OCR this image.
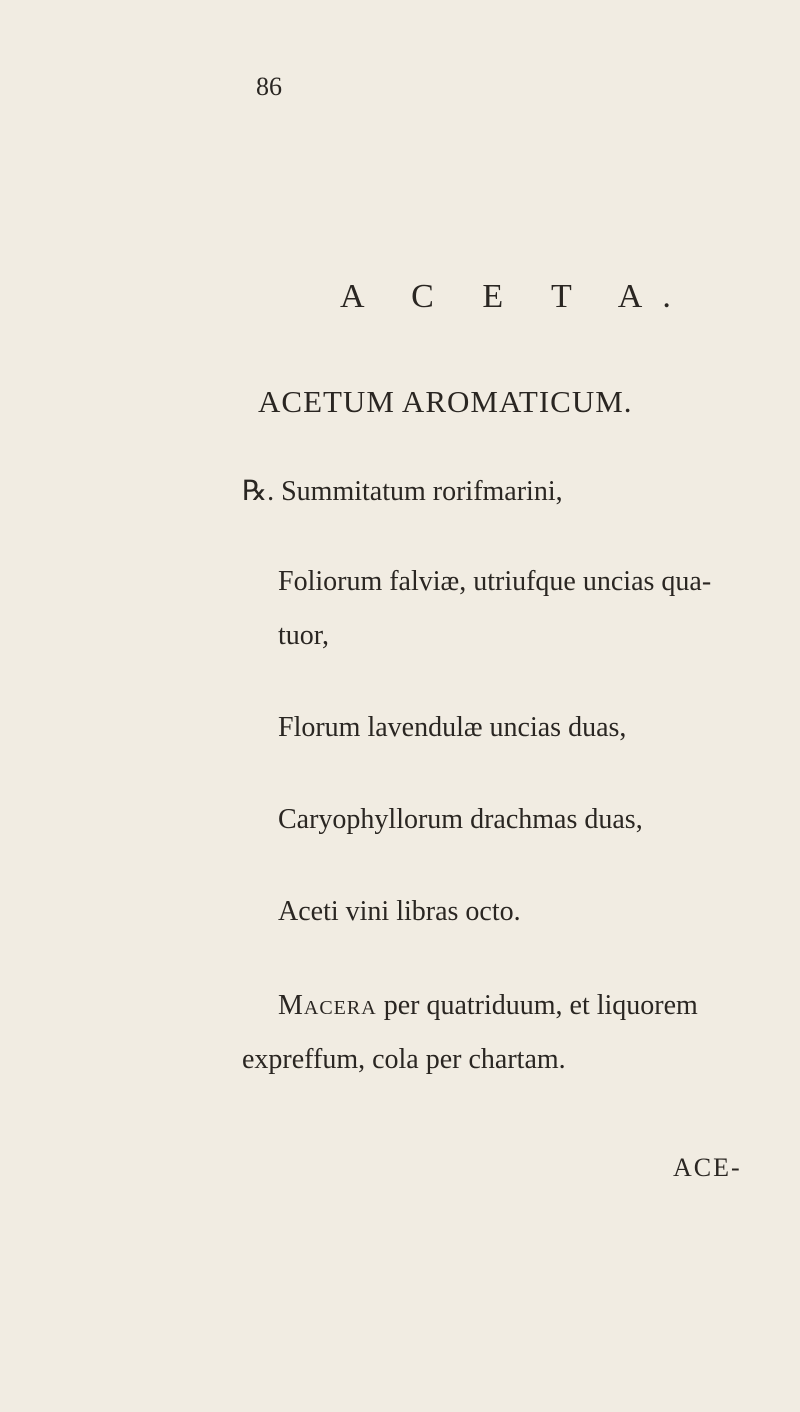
86
A C E T A.
ACETUM AROMATICUM.
℞. Summitatum rorifmarini,
Foliorum falviæ, utriufque uncias qua-
tuor,
Florum lavendulæ uncias duas,
Caryophyllorum drachmas duas,
Aceti vini libras octo.
Macera per quatriduum, et liquorem
expreffum, cola per chartam.
ACE-
